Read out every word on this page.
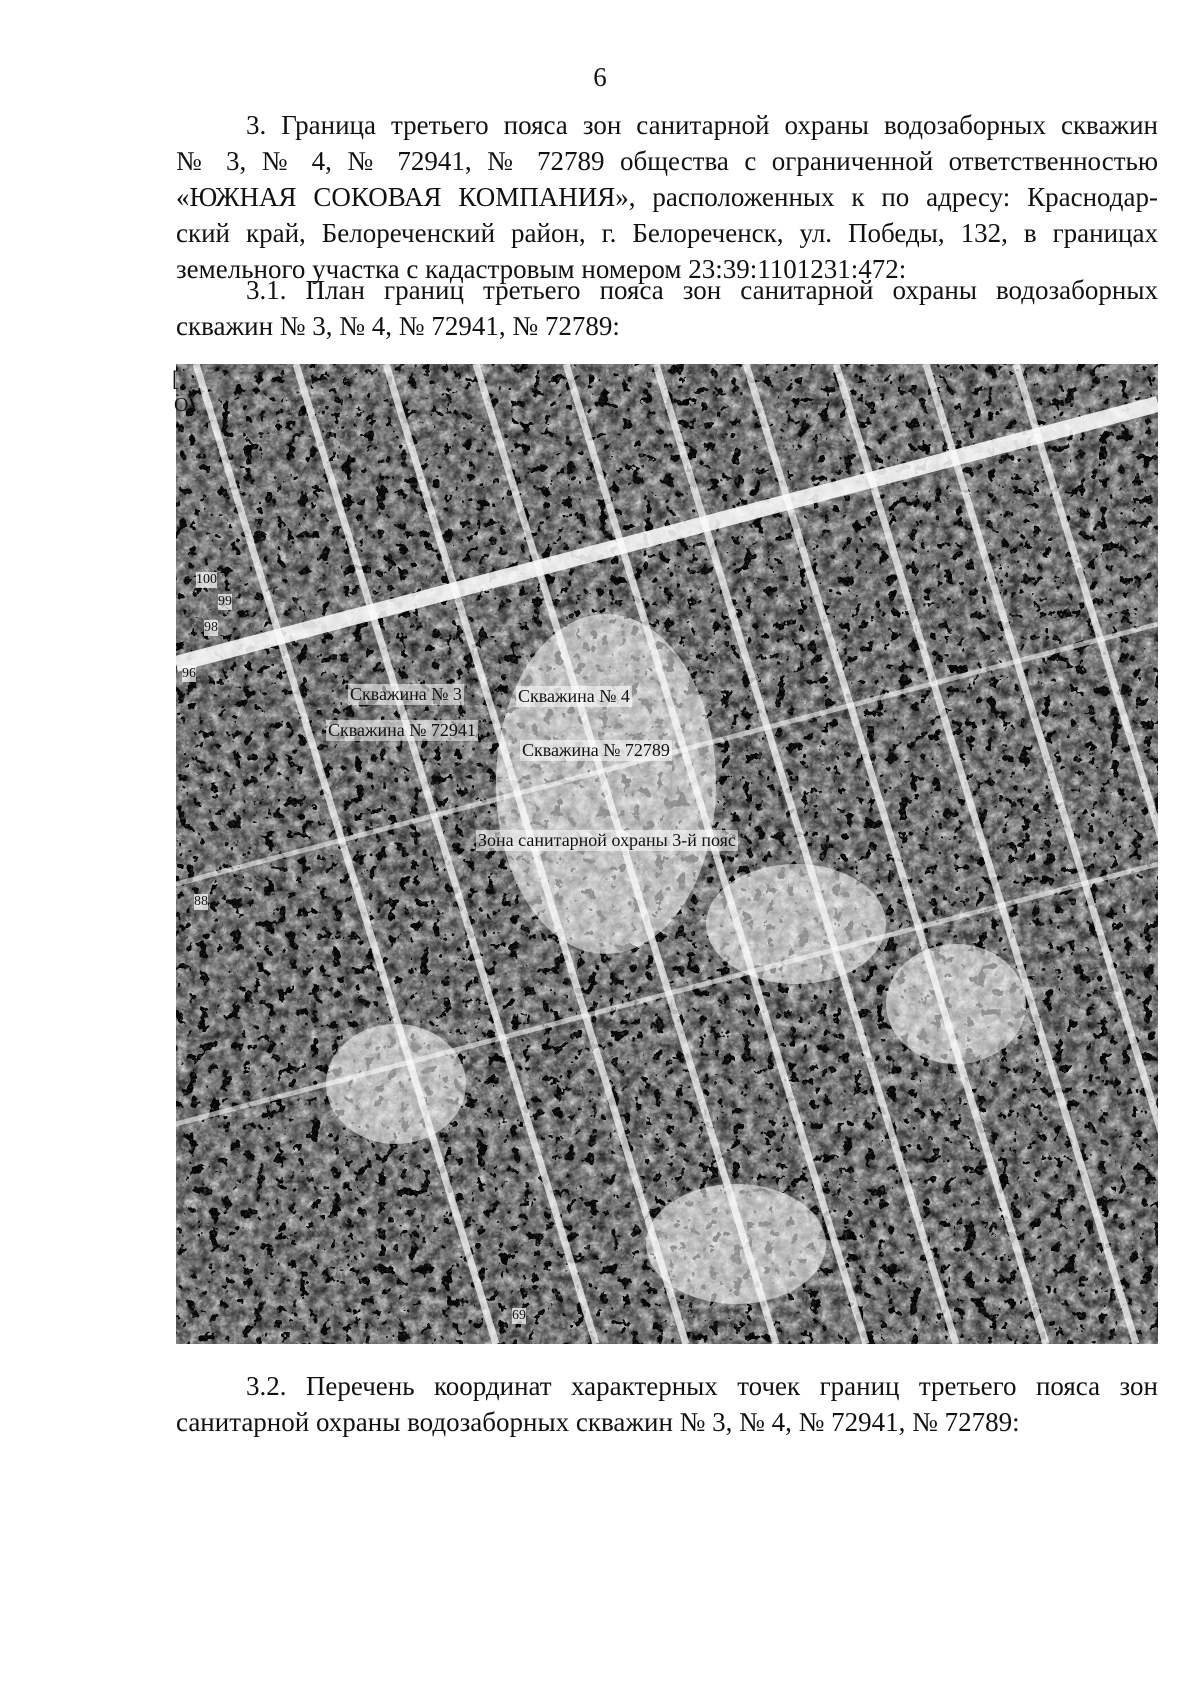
6

3. Граница третьего пояса зон санитарной охраны водозаборных скважин
№ 3, № 4, № 72941, № 72789 общества с ограниченной ответственностью
«ЮЖНАЯ СОКОВАЯ КОМПАНИЯ», расположенных к по адресу: Краснодар-
ский край, Белореченский район, г. Белореченск, ул. Победы, 132, в границах
земельного участка с кадастровым номером 23:39:1101231:472:

3.1. План границ третьего пояса зон санитарной охраны водозаборных
скважин № 3, № 4, № 72941, № 72789:

[
О
100
99
98
96
88
69
Скважина № 3	Скважина № 4
Скважина № 72941
Скважина № 72789
Зона санитарной охраны 3-й пояс

3.2. Перечень координат характерных точек границ третьего пояса зон
санитарной охраны водозаборных скважин № 3, № 4, № 72941, № 72789:
